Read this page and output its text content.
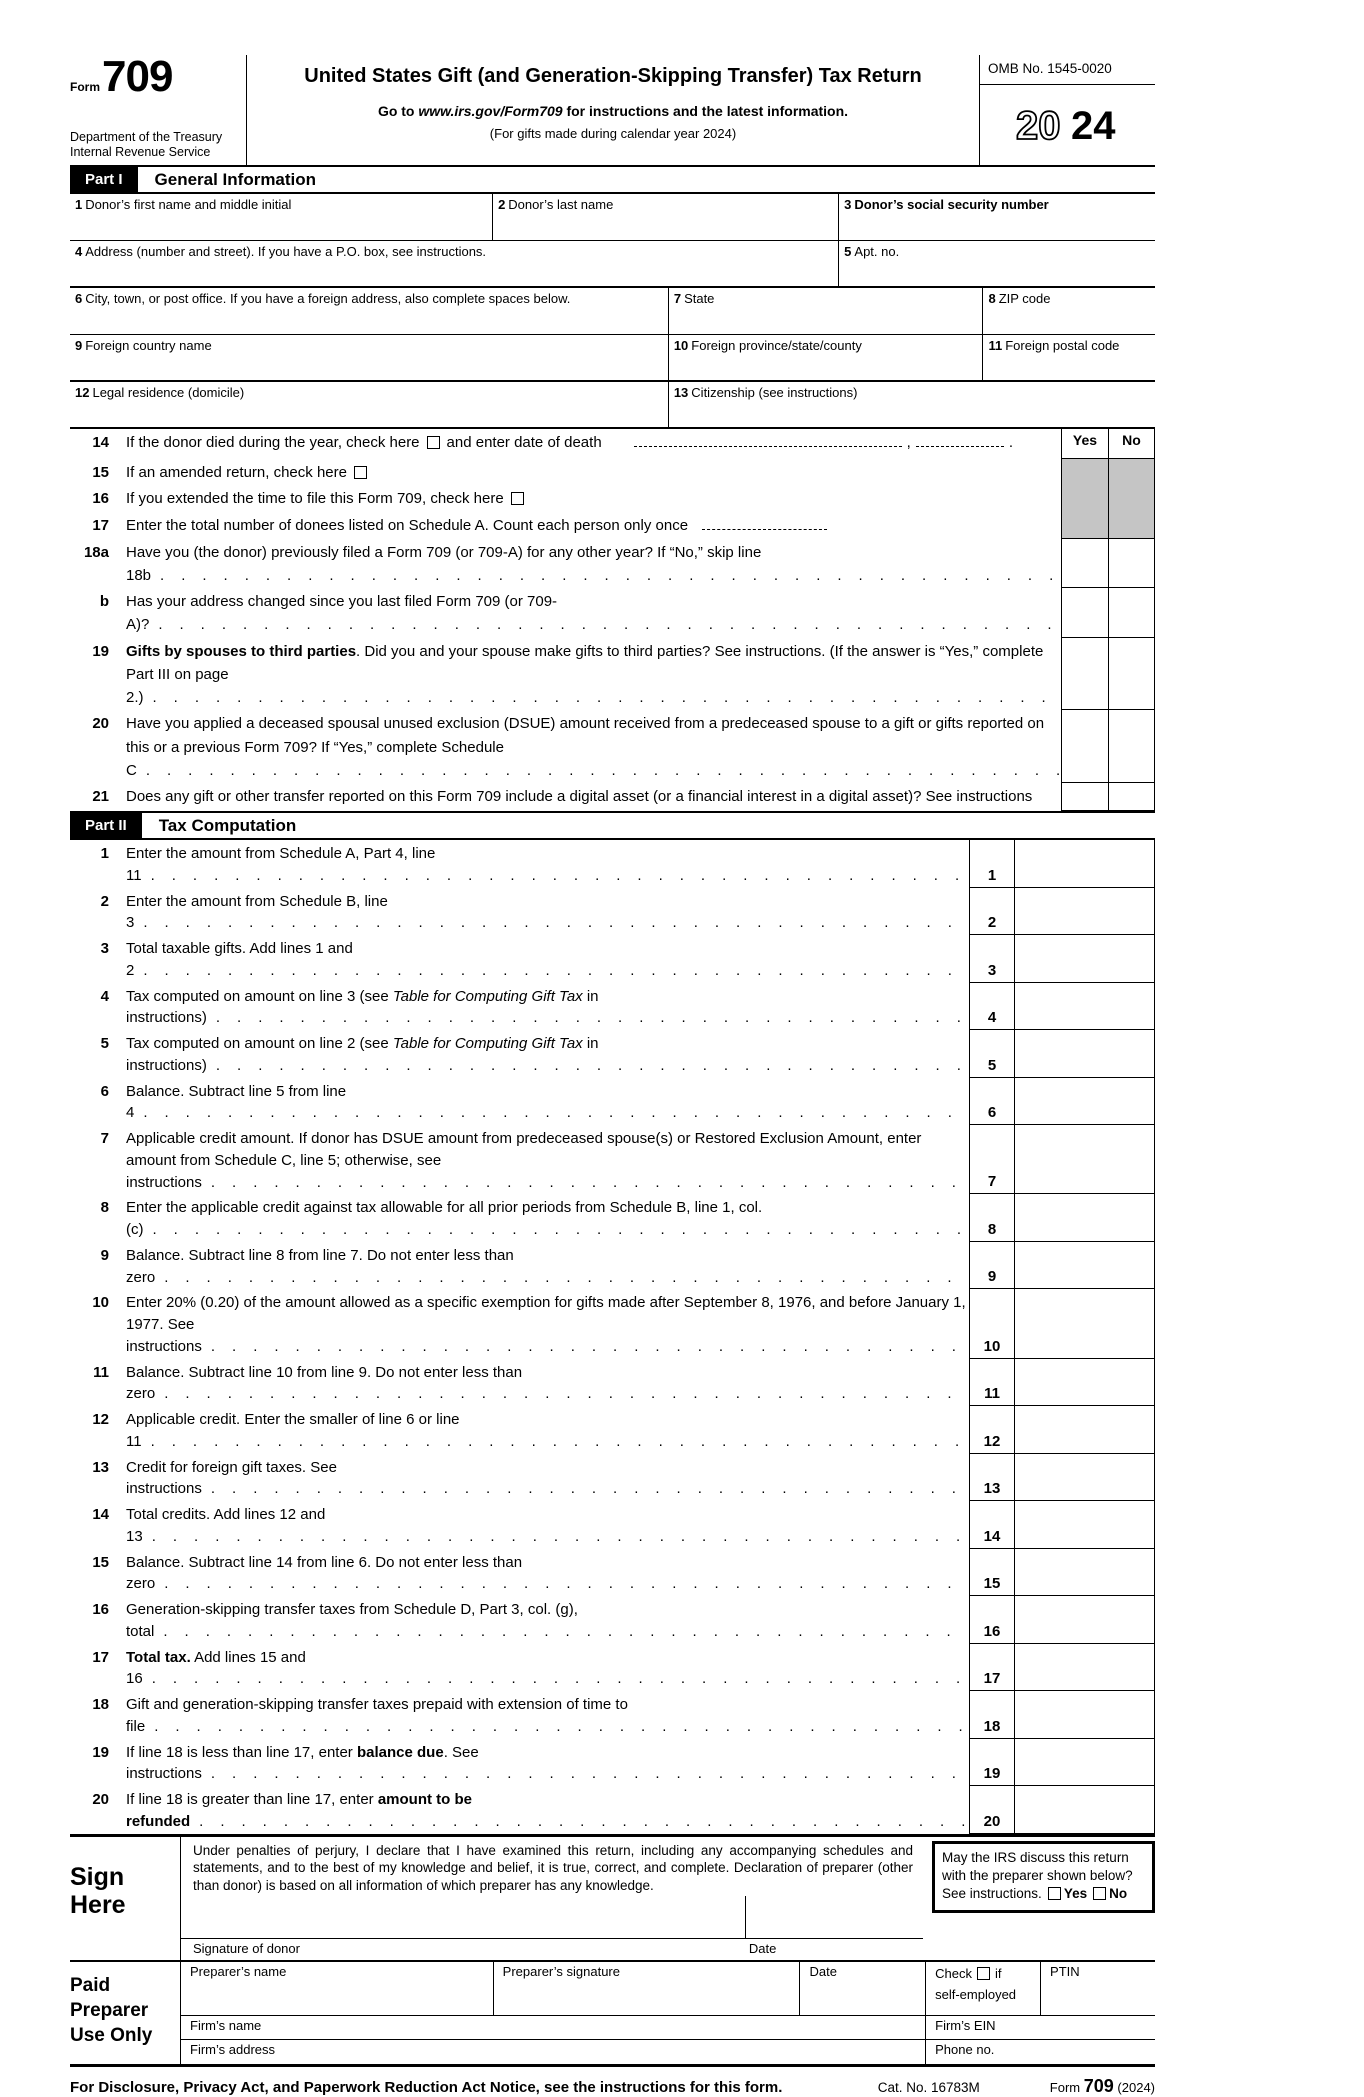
Form 709
Department of the Treasury
Internal Revenue Service
United States Gift (and Generation-Skipping Transfer) Tax Return
Go to www.irs.gov/Form709 for instructions and the latest information.
(For gifts made during calendar year 2024)
OMB No. 1545-0020
20 24
Part I	General Information
1 Donor’s first name and middle initial	2 Donor’s last name	3 Donor’s social security number
4 Address (number and street). If you have a P.O. box, see instructions.	5 Apt. no.
6 City, town, or post office. If you have a foreign address, also complete spaces below.	7 State	8 ZIP code
9 Foreign country name	10 Foreign province/state/county	11 Foreign postal code
12 Legal residence (domicile)	13 Citizenship (see instructions)
14 If the donor died during the year, check here and enter date of death	,	.	Yes	No
15 If an amended return, check here
16 If you extended the time to file this Form 709, check here
17 Enter the total number of donees listed on Schedule A. Count each person only once
18a Have you (the donor) previously filed a Form 709 (or 709-A) for any other year? If “No,” skip line 18b .....
b Has your address changed since you last filed Form 709 (or 709-A)? .....
19 Gifts by spouses to third parties. Did you and your spouse make gifts to third parties? See instructions. (If the answer is “Yes,” complete Part III on page 2.) .....
20 Have you applied a deceased spousal unused exclusion (DSUE) amount received from a predeceased spouse to a gift or gifts reported on this or a previous Form 709? If “Yes,” complete Schedule C .....
21 Does any gift or other transfer reported on this Form 709 include a digital asset (or a financial interest in a digital asset)? See instructions
Part II	Tax Computation
1 Enter the amount from Schedule A, Part 4, line 11 .....	1
2 Enter the amount from Schedule B, line 3 .....	2
3 Total taxable gifts. Add lines 1 and 2 .....	3
4 Tax computed on amount on line 3 (see Table for Computing Gift Tax in instructions) .....	4
5 Tax computed on amount on line 2 (see Table for Computing Gift Tax in instructions) .....	5
6 Balance. Subtract line 5 from line 4 .....	6
7 Applicable credit amount. If donor has DSUE amount from predeceased spouse(s) or Restored Exclusion Amount, enter amount from Schedule C, line 5; otherwise, see instructions .....	7
8 Enter the applicable credit against tax allowable for all prior periods from Schedule B, line 1, col. (c) .....	8
9 Balance. Subtract line 8 from line 7. Do not enter less than zero .....	9
10 Enter 20% (0.20) of the amount allowed as a specific exemption for gifts made after September 8, 1976, and before January 1, 1977. See instructions .....	10
11 Balance. Subtract line 10 from line 9. Do not enter less than zero .....	11
12 Applicable credit. Enter the smaller of line 6 or line 11 .....	12
13 Credit for foreign gift taxes. See instructions .....	13
14 Total credits. Add lines 12 and 13 .....	14
15 Balance. Subtract line 14 from line 6. Do not enter less than zero .....	15
16 Generation-skipping transfer taxes from Schedule D, Part 3, col. (g), total .....	16
17 Total tax. Add lines 15 and 16 .....	17
18 Gift and generation-skipping transfer taxes prepaid with extension of time to file .....	18
19 If line 18 is less than line 17, enter balance due. See instructions .....	19
20 If line 18 is greater than line 17, enter amount to be refunded .....	20
Sign
Here
Under penalties of perjury, I declare that I have examined this return, including any accompanying schedules and statements, and to the best of my knowledge and belief, it is true, correct, and complete. Declaration of preparer (other than donor) is based on all information of which preparer has any knowledge.
Signature of donor	Date
May the IRS discuss this return with the preparer shown below? See instructions. Yes No
Paid
Preparer
Use Only
Preparer’s name	Preparer’s signature	Date	Check if
self-employed
PTIN
Firm’s name	Firm’s EIN
Firm’s address	Phone no.
For Disclosure, Privacy Act, and Paperwork Reduction Act Notice, see the instructions for this form.	Cat. No. 16783M	Form 709 (2024)
